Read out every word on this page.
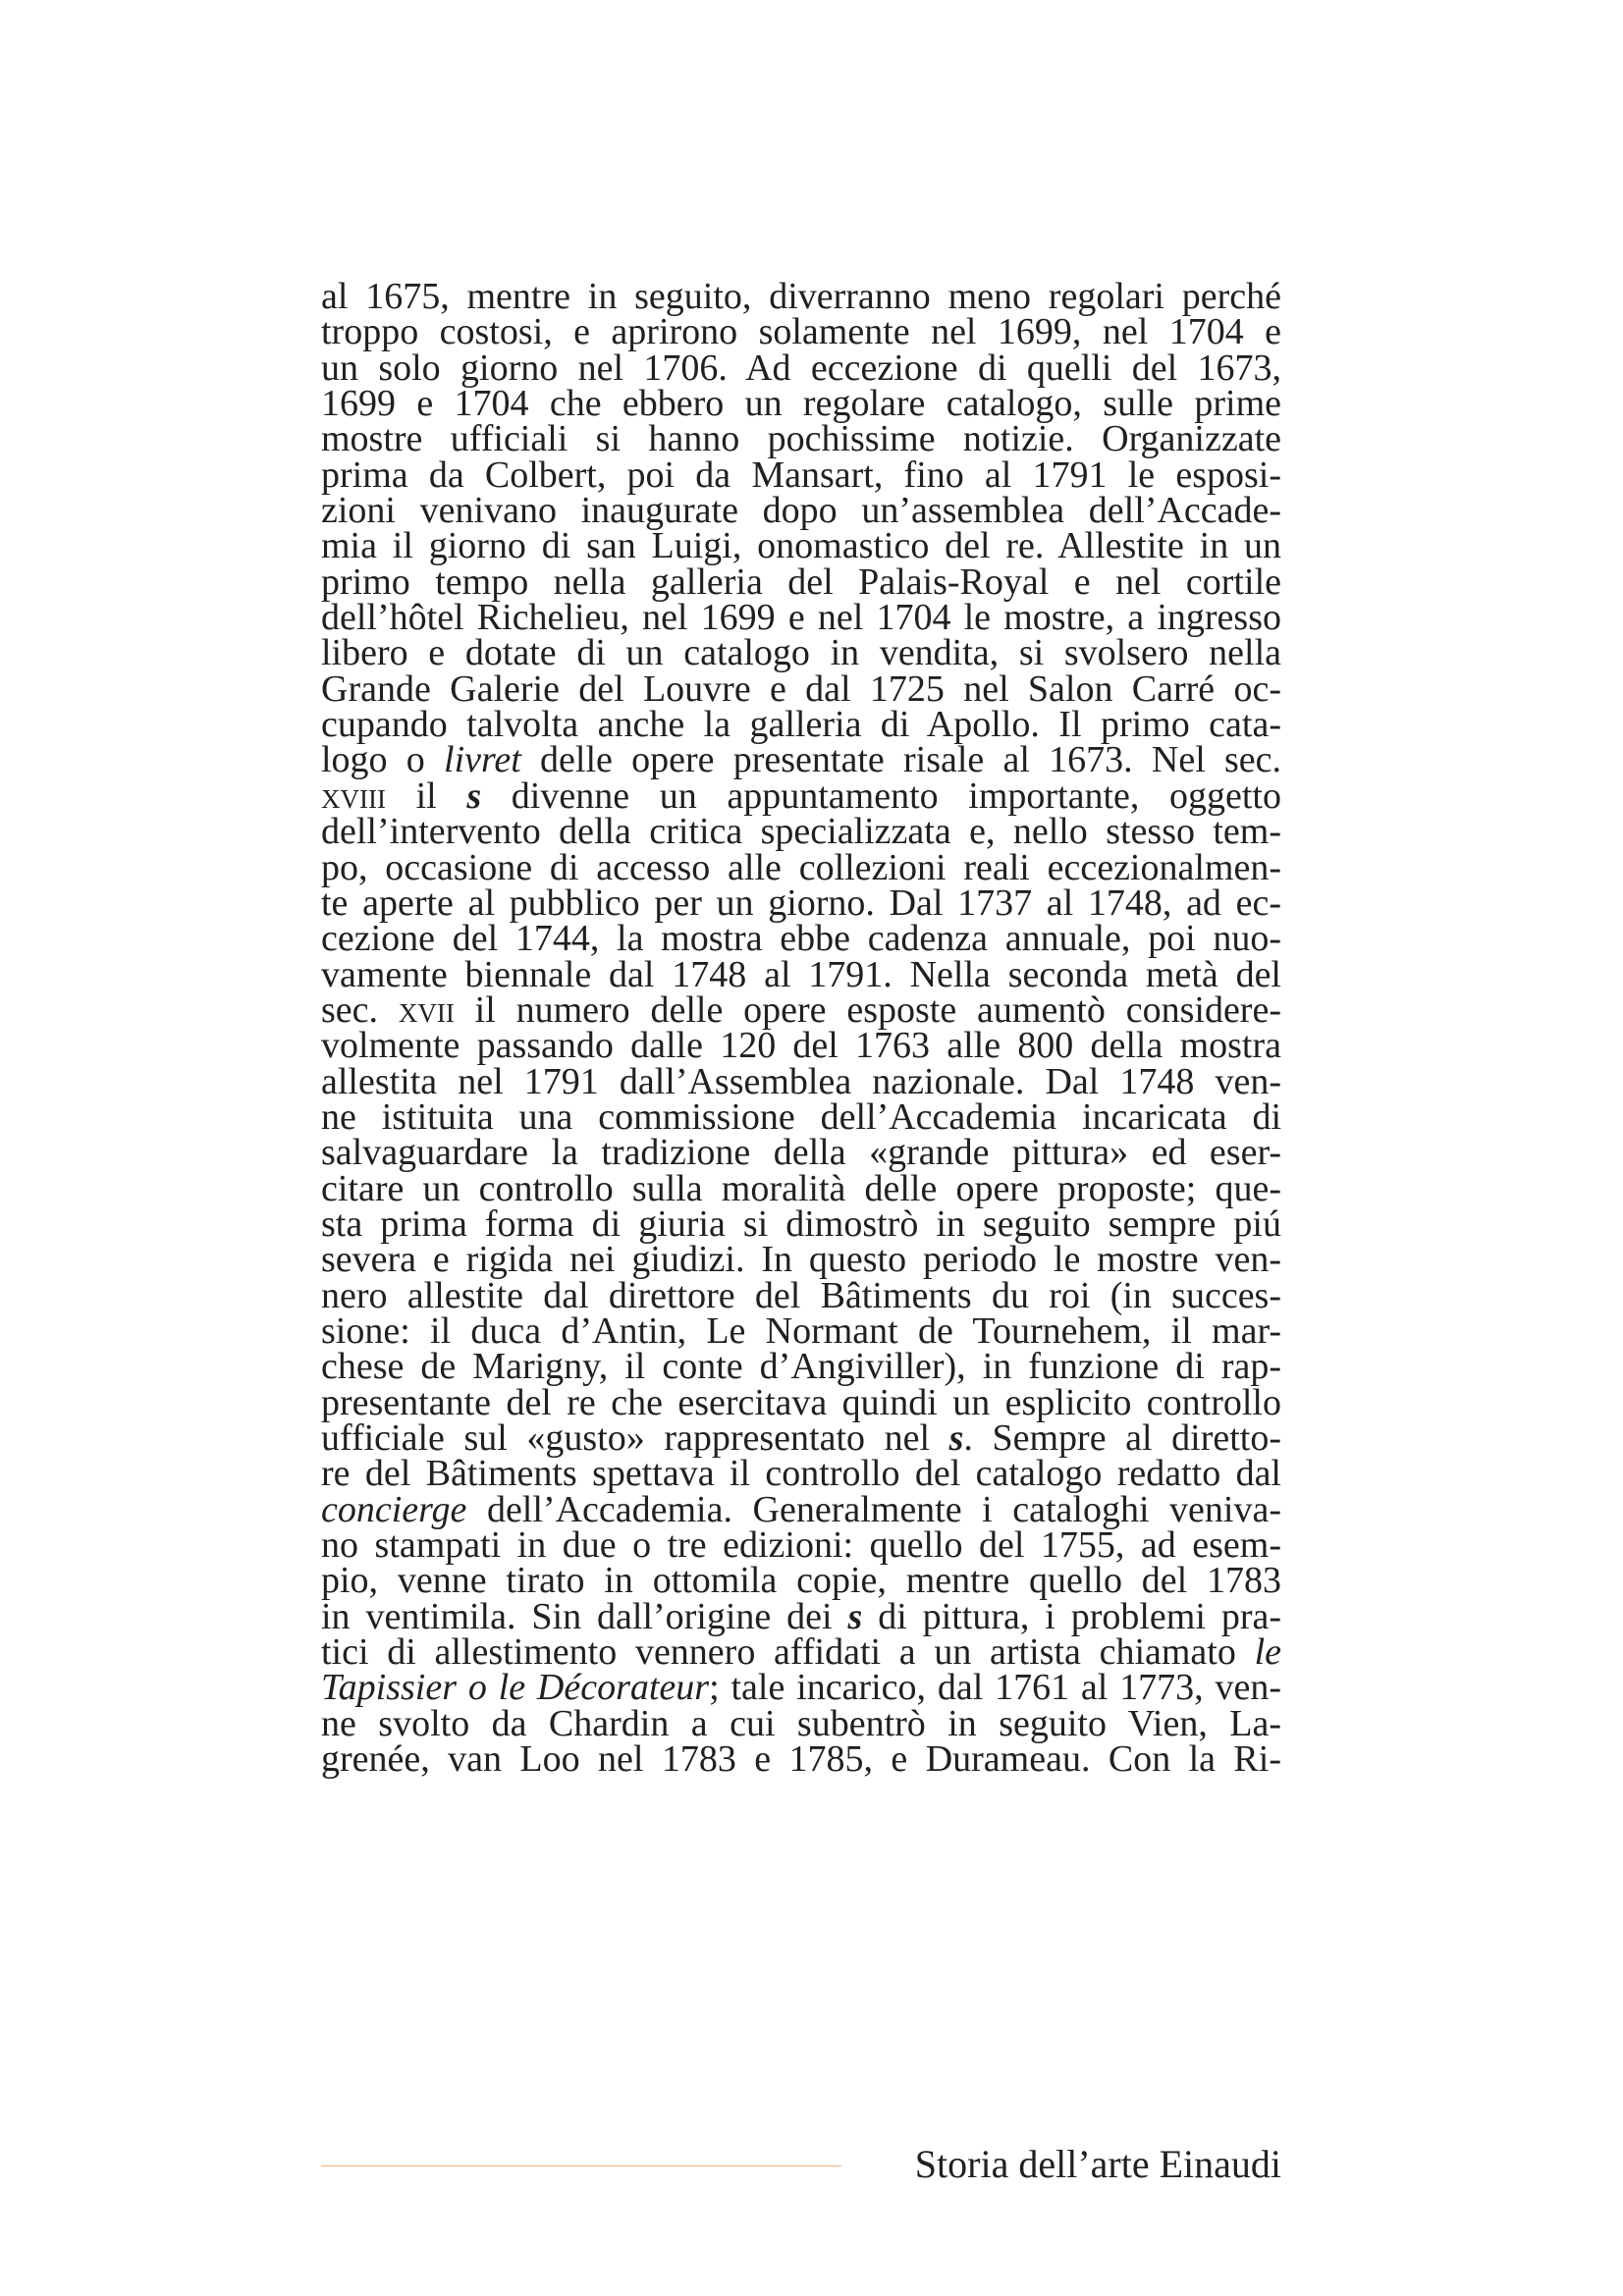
al 1675, mentre in seguito, diverranno meno regolari perché
troppo costosi, e aprirono solamente nel 1699, nel 1704 e
un solo giorno nel 1706. Ad eccezione di quelli del 1673,
1699 e 1704 che ebbero un regolare catalogo, sulle prime
mostre ufficiali si hanno pochissime notizie. Organizzate
prima da Colbert, poi da Mansart, fino al 1791 le esposi-
zioni venivano inaugurate dopo un’assemblea dell’Accade-
mia il giorno di san Luigi, onomastico del re. Allestite in un
primo tempo nella galleria del Palais-Royal e nel cortile
dell’hôtel Richelieu, nel 1699 e nel 1704 le mostre, a ingresso
libero e dotate di un catalogo in vendita, si svolsero nella
Grande Galerie del Louvre e dal 1725 nel Salon Carré oc-
cupando talvolta anche la galleria di Apollo. Il primo cata-
logo o livret delle opere presentate risale al 1673. Nel sec.
xviii il s divenne un appuntamento importante, oggetto
dell’intervento della critica specializzata e, nello stesso tem-
po, occasione di accesso alle collezioni reali eccezionalmen-
te aperte al pubblico per un giorno. Dal 1737 al 1748, ad ec-
cezione del 1744, la mostra ebbe cadenza annuale, poi nuo-
vamente biennale dal 1748 al 1791. Nella seconda metà del
sec. xvii il numero delle opere esposte aumentò considere-
volmente passando dalle 120 del 1763 alle 800 della mostra
allestita nel 1791 dall’Assemblea nazionale. Dal 1748 ven-
ne istituita una commissione dell’Accademia incaricata di
salvaguardare la tradizione della «grande pittura» ed eser-
citare un controllo sulla moralità delle opere proposte; que-
sta prima forma di giuria si dimostrò in seguito sempre piú
severa e rigida nei giudizi. In questo periodo le mostre ven-
nero allestite dal direttore del Bâtiments du roi (in succes-
sione: il duca d’Antin, Le Normant de Tournehem, il mar-
chese de Marigny, il conte d’Angiviller), in funzione di rap-
presentante del re che esercitava quindi un esplicito controllo
ufficiale sul «gusto» rappresentato nel s. Sempre al diretto-
re del Bâtiments spettava il controllo del catalogo redatto dal
concierge dell’Accademia. Generalmente i cataloghi veniva-
no stampati in due o tre edizioni: quello del 1755, ad esem-
pio, venne tirato in ottomila copie, mentre quello del 1783
in ventimila. Sin dall’origine dei s di pittura, i problemi pra-
tici di allestimento vennero affidati a un artista chiamato le
Tapissier o le Décorateur; tale incarico, dal 1761 al 1773, ven-
ne svolto da Chardin a cui subentrò in seguito Vien, La-
grenée, van Loo nel 1783 e 1785, e Durameau. Con la Ri-
Storia dell’arte Einaudi
